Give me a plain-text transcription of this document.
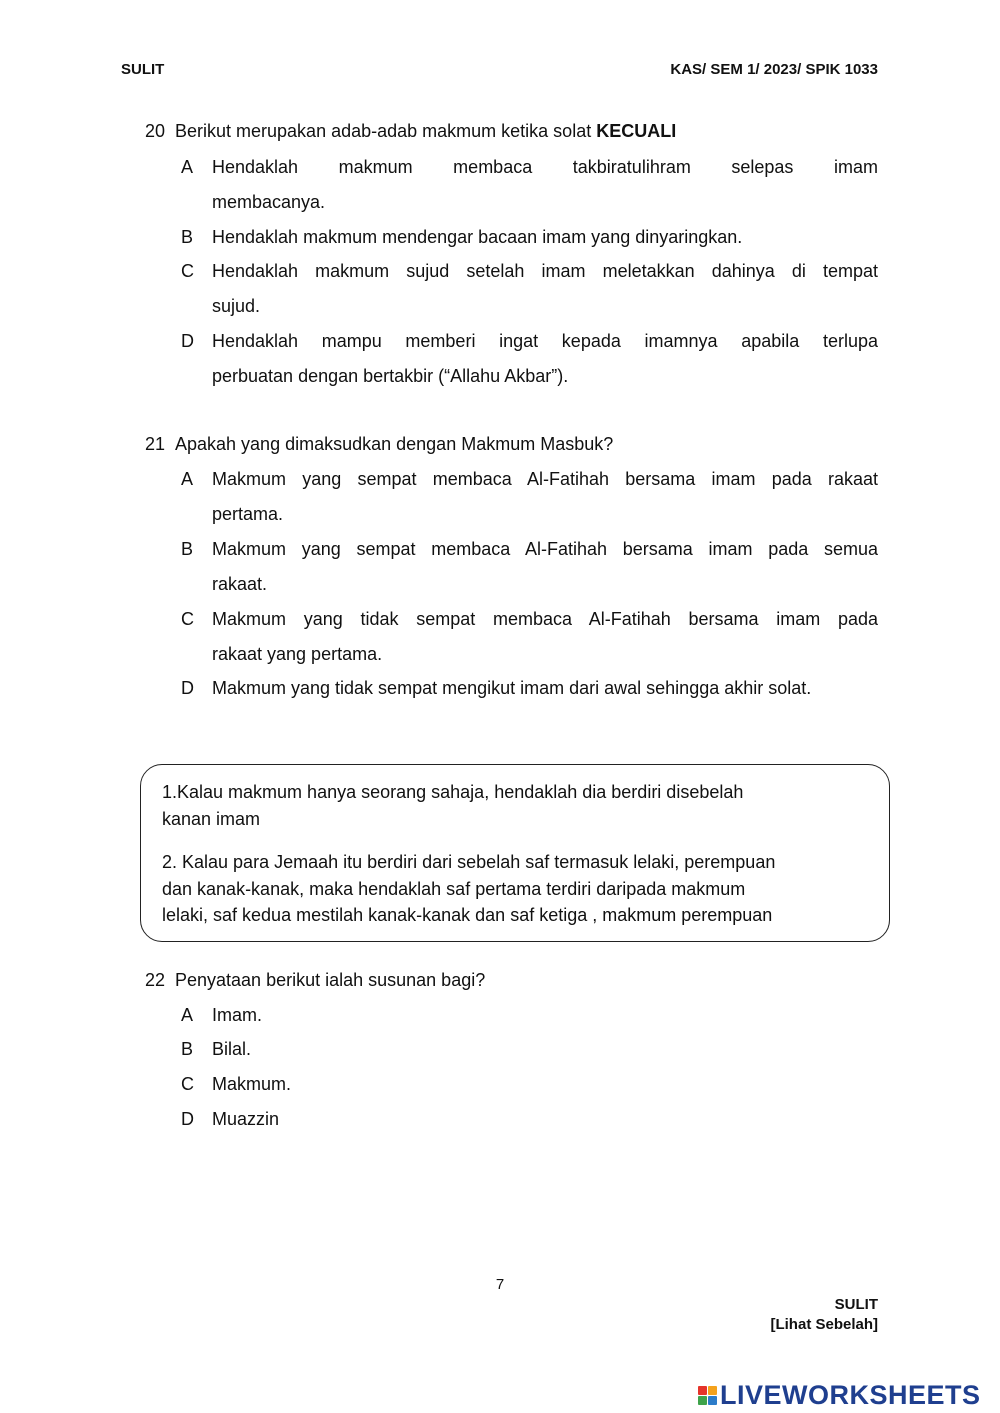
SULIT	KAS/ SEM 1/ 2023/ SPIK 1033
20 Berikut merupakan adab-adab makmum ketika solat KECUALI
A Hendaklah makmum membaca takbiratulihram selepas imam
membacanya.
B Hendaklah makmum mendengar bacaan imam yang dinyaringkan.
C Hendaklah makmum sujud setelah imam meletakkan dahinya di tempat
sujud.
D Hendaklah mampu memberi ingat kepada imamnya apabila terlupa
perbuatan dengan bertakbir (“Allahu Akbar”).
21 Apakah yang dimaksudkan dengan Makmum Masbuk?
A Makmum yang sempat membaca Al-Fatihah bersama imam pada rakaat
pertama.
B Makmum yang sempat membaca Al-Fatihah bersama imam pada semua
rakaat.
C Makmum yang tidak sempat membaca Al-Fatihah bersama imam pada
rakaat yang pertama.
D Makmum yang tidak sempat mengikut imam dari awal sehingga akhir solat.

1.Kalau makmum hanya seorang sahaja, hendaklah dia berdiri disebelah
kanan imam

2. Kalau para Jemaah itu berdiri dari sebelah saf termasuk lelaki, perempuan
dan kanak-kanak, maka hendaklah saf pertama terdiri daripada makmum
lelaki, saf kedua mestilah kanak-kanak dan saf ketiga , makmum perempuan

22 Penyataan berikut ialah susunan bagi?
A Imam.
B Bilal.
C Makmum.
D Muazzin
7
SULIT
[Lihat Sebelah]
LIVEWORKSHEETS
